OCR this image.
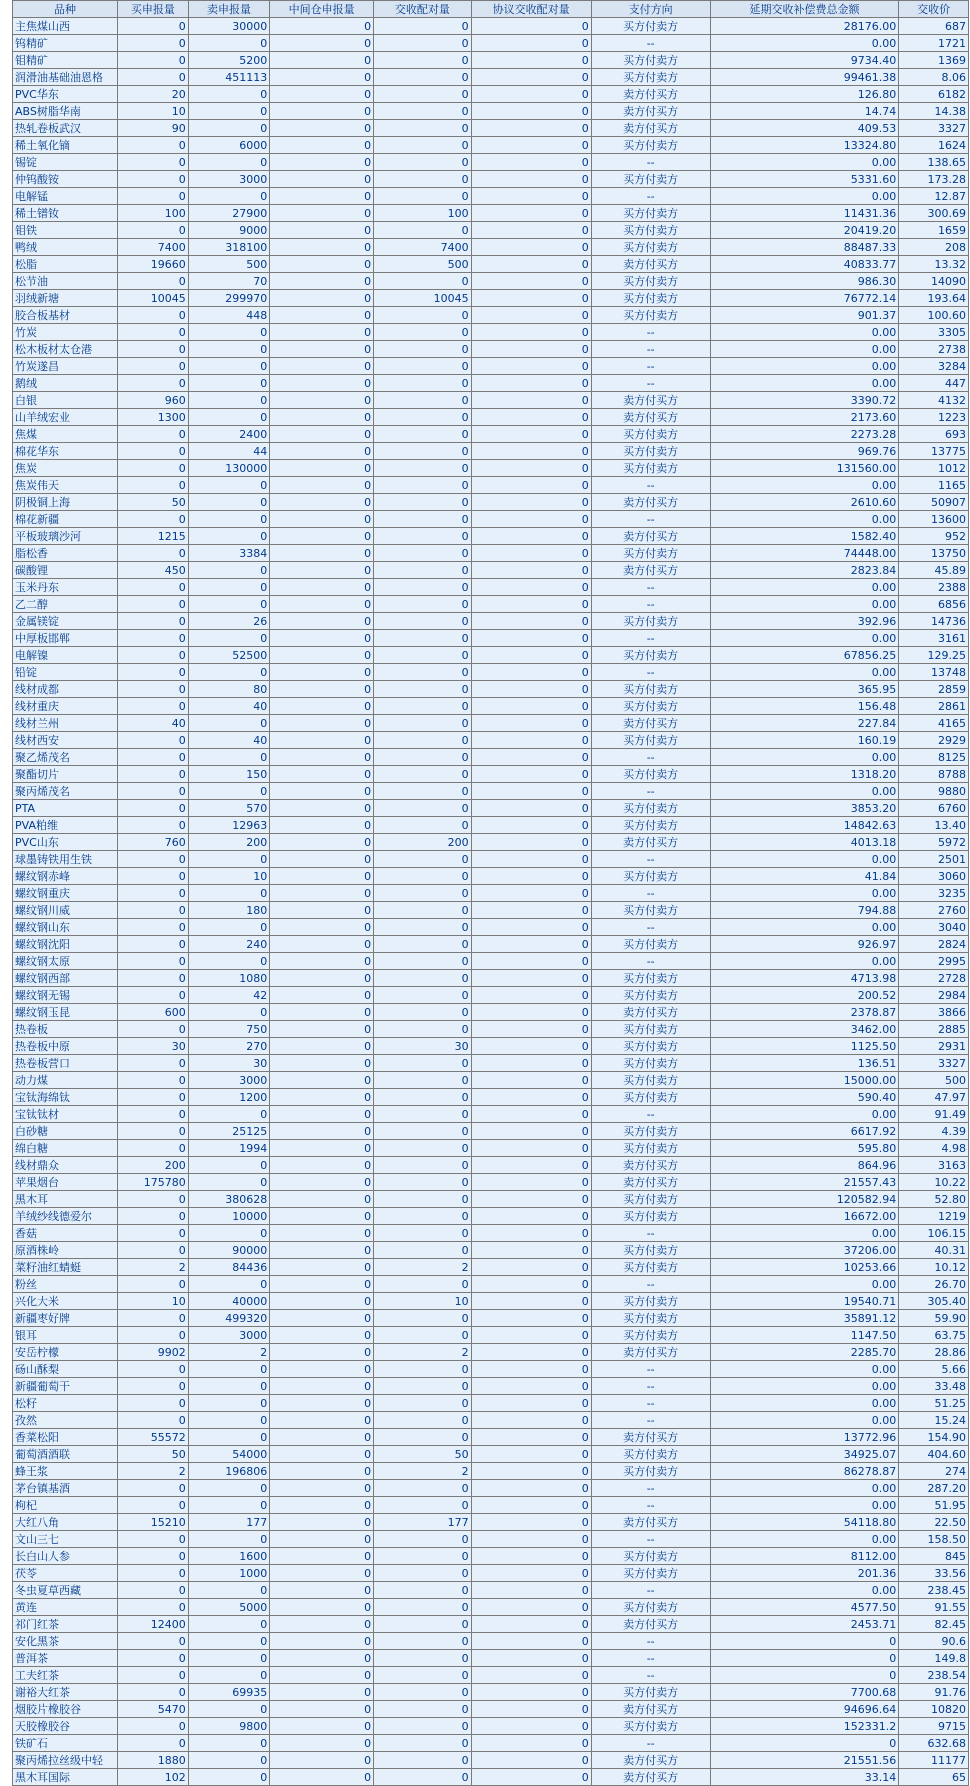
品种	买申报量	卖申报量	中间仓申报量	交收配对量	协议交收配对量	支付方向	延期交收补偿费总金额	交收价
主焦煤山西	0	30000	0	0	0	买方付卖方	28176.00	687
钨精矿	0	0	0	0	0	--	0.00	1721
钼精矿	0	5200	0	0	0	买方付卖方	9734.40	1369
润滑油基础油恩格	0	451113	0	0	0	买方付卖方	99461.38	8.06
PVC华东	20	0	0	0	0	卖方付买方	126.80	6182
ABS树脂华南	10	0	0	0	0	卖方付买方	14.74	14.38
热轧卷板武汉	90	0	0	0	0	卖方付买方	409.53	3327
稀土氧化镝	0	6000	0	0	0	买方付卖方	13324.80	1624
锡锭	0	0	0	0	0	--	0.00	138.65
仲钨酸铵	0	3000	0	0	0	买方付卖方	5331.60	173.28
电解锰	0	0	0	0	0	--	0.00	12.87
稀土镨钕	100	27900	0	100	0	买方付卖方	11431.36	300.69
钼铁	0	9000	0	0	0	买方付卖方	20419.20	1659
鸭绒	7400	318100	0	7400	0	买方付卖方	88487.33	208
松脂	19660	500	0	500	0	卖方付买方	40833.77	13.32
松节油	0	70	0	0	0	买方付卖方	986.30	14090
羽绒新塘	10045	299970	0	10045	0	买方付卖方	76772.14	193.64
胶合板基材	0	448	0	0	0	买方付卖方	901.37	100.60
竹炭	0	0	0	0	0	--	0.00	3305
松木板材太仓港	0	0	0	0	0	--	0.00	2738
竹炭遂昌	0	0	0	0	0	--	0.00	3284
鹅绒	0	0	0	0	0	--	0.00	447
白银	960	0	0	0	0	卖方付买方	3390.72	4132
山羊绒宏业	1300	0	0	0	0	卖方付买方	2173.60	1223
焦煤	0	2400	0	0	0	买方付卖方	2273.28	693
棉花华东	0	44	0	0	0	买方付卖方	969.76	13775
焦炭	0	130000	0	0	0	买方付卖方	131560.00	1012
焦炭伟天	0	0	0	0	0	--	0.00	1165
阴极铜上海	50	0	0	0	0	卖方付买方	2610.60	50907
棉花新疆	0	0	0	0	0	--	0.00	13600
平板玻璃沙河	1215	0	0	0	0	卖方付买方	1582.40	952
脂松香	0	3384	0	0	0	买方付卖方	74448.00	13750
碳酸锂	450	0	0	0	0	卖方付买方	2823.84	45.89
玉米丹东	0	0	0	0	0	--	0.00	2388
乙二醇	0	0	0	0	0	--	0.00	6856
金属镁锭	0	26	0	0	0	买方付卖方	392.96	14736
中厚板邯郸	0	0	0	0	0	--	0.00	3161
电解镍	0	52500	0	0	0	买方付卖方	67856.25	129.25
铅锭	0	0	0	0	0	--	0.00	13748
线材成都	0	80	0	0	0	买方付卖方	365.95	2859
线材重庆	0	40	0	0	0	买方付卖方	156.48	2861
线材兰州	40	0	0	0	0	卖方付买方	227.84	4165
线材西安	0	40	0	0	0	买方付卖方	160.19	2929
聚乙烯茂名	0	0	0	0	0	--	0.00	8125
聚酯切片	0	150	0	0	0	买方付卖方	1318.20	8788
聚丙烯茂名	0	0	0	0	0	--	0.00	9880
PTA	0	570	0	0	0	买方付卖方	3853.20	6760
PVA粕维	0	12963	0	0	0	买方付卖方	14842.63	13.40
PVC山东	760	200	0	200	0	卖方付买方	4013.18	5972
球墨铸铁用生铁	0	0	0	0	0	--	0.00	2501
螺纹钢赤峰	0	10	0	0	0	买方付卖方	41.84	3060
螺纹钢重庆	0	0	0	0	0	--	0.00	3235
螺纹钢川威	0	180	0	0	0	买方付卖方	794.88	2760
螺纹钢山东	0	0	0	0	0	--	0.00	3040
螺纹钢沈阳	0	240	0	0	0	买方付卖方	926.97	2824
螺纹钢太原	0	0	0	0	0	--	0.00	2995
螺纹钢西部	0	1080	0	0	0	买方付卖方	4713.98	2728
螺纹钢无锡	0	42	0	0	0	买方付卖方	200.52	2984
螺纹钢玉昆	600	0	0	0	0	卖方付买方	2378.87	3866
热卷板	0	750	0	0	0	买方付卖方	3462.00	2885
热卷板中原	30	270	0	30	0	买方付卖方	1125.50	2931
热卷板营口	0	30	0	0	0	买方付卖方	136.51	3327
动力煤	0	3000	0	0	0	买方付卖方	15000.00	500
宝钛海绵钛	0	1200	0	0	0	买方付卖方	590.40	47.97
宝钛钛材	0	0	0	0	0	--	0.00	91.49
白砂糖	0	25125	0	0	0	买方付卖方	6617.92	4.39
绵白糖	0	1994	0	0	0	买方付卖方	595.80	4.98
线材鼎众	200	0	0	0	0	卖方付买方	864.96	3163
苹果烟台	175780	0	0	0	0	卖方付买方	21557.43	10.22
黑木耳	0	380628	0	0	0	买方付卖方	120582.94	52.80
羊绒纱线德爱尔	0	10000	0	0	0	买方付卖方	16672.00	1219
香菇	0	0	0	0	0	--	0.00	106.15
原酒株岭	0	90000	0	0	0	买方付卖方	37206.00	40.31
菜籽油红蜻蜓	2	84436	0	2	0	买方付卖方	10253.66	10.12
粉丝	0	0	0	0	0	--	0.00	26.70
兴化大米	10	40000	0	10	0	买方付卖方	19540.71	305.40
新疆枣好牌	0	499320	0	0	0	买方付卖方	35891.12	59.90
银耳	0	3000	0	0	0	买方付卖方	1147.50	63.75
安岳柠檬	9902	2	0	2	0	卖方付买方	2285.70	28.86
砀山酥梨	0	0	0	0	0	--	0.00	5.66
新疆葡萄干	0	0	0	0	0	--	0.00	33.48
松籽	0	0	0	0	0	--	0.00	51.25
孜然	0	0	0	0	0	--	0.00	15.24
香菜松阳	55572	0	0	0	0	卖方付买方	13772.96	154.90
葡萄酒酒联	50	54000	0	50	0	买方付卖方	34925.07	404.60
蜂王浆	2	196806	0	2	0	买方付卖方	86278.87	274
茅台镇基酒	0	0	0	0	0	--	0.00	287.20
枸杞	0	0	0	0	0	--	0.00	51.95
大红八角	15210	177	0	177	0	卖方付买方	54118.80	22.50
文山三七	0	0	0	0	0	--	0.00	158.50
长白山人参	0	1600	0	0	0	买方付卖方	8112.00	845
茯苓	0	1000	0	0	0	买方付卖方	201.36	33.56
冬虫夏草西藏	0	0	0	0	0	--	0.00	238.45
黄连	0	5000	0	0	0	买方付卖方	4577.50	91.55
祁门红茶	12400	0	0	0	0	卖方付买方	2453.71	82.45
安化黑茶	0	0	0	0	0	--	0	90.6
普洱茶	0	0	0	0	0	--	0	149.8
工夫红茶	0	0	0	0	0	--	0	238.54
谢裕大红茶	0	69935	0	0	0	买方付卖方	7700.68	91.76
烟胶片橡胶谷	5470	0	0	0	0	卖方付买方	94696.64	10820
天胶橡胶谷	0	9800	0	0	0	买方付卖方	152331.2	9715
铁矿石	0	0	0	0	0	--	0	632.68
聚丙烯拉丝级中轻	1880	0	0	0	0	卖方付买方	21551.56	11177
黑木耳国际	102	0	0	0	0	卖方付买方	33.14	65
